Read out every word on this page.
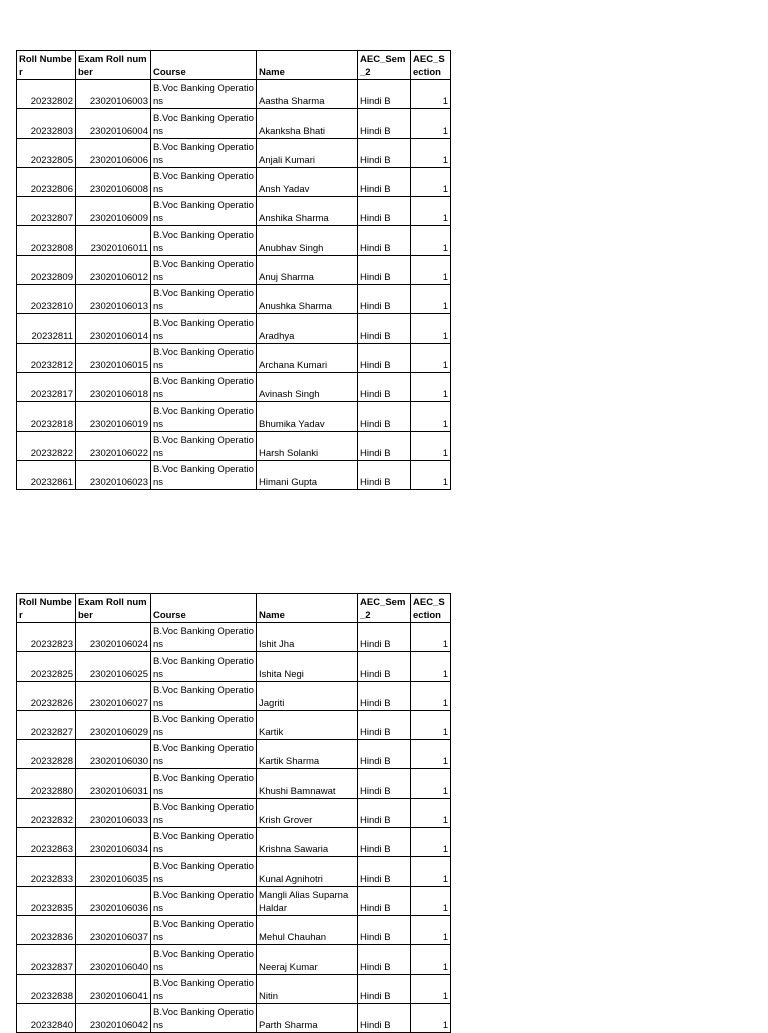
Roll Number	Exam Roll number	Course	Name	AEC_Sem_2	AEC_Section
20232802	23020106003	B.Voc Banking Operations	Aastha Sharma	Hindi B	1
20232803	23020106004	B.Voc Banking Operations	Akanksha Bhati	Hindi B	1
20232805	23020106006	B.Voc Banking Operations	Anjali Kumari	Hindi B	1
20232806	23020106008	B.Voc Banking Operations	Ansh Yadav	Hindi B	1
20232807	23020106009	B.Voc Banking Operations	Anshika Sharma	Hindi B	1
20232808	23020106011	B.Voc Banking Operations	Anubhav Singh	Hindi B	1
20232809	23020106012	B.Voc Banking Operations	Anuj Sharma	Hindi B	1
20232810	23020106013	B.Voc Banking Operations	Anushka Sharma	Hindi B	1
20232811	23020106014	B.Voc Banking Operations	Aradhya	Hindi B	1
20232812	23020106015	B.Voc Banking Operations	Archana Kumari	Hindi B	1
20232817	23020106018	B.Voc Banking Operations	Avinash Singh	Hindi B	1
20232818	23020106019	B.Voc Banking Operations	Bhumika Yadav	Hindi B	1
20232822	23020106022	B.Voc Banking Operations	Harsh Solanki	Hindi B	1
20232861	23020106023	B.Voc Banking Operations	Himani Gupta	Hindi B	1
Roll Number	Exam Roll number	Course	Name	AEC_Sem_2	AEC_Section
20232823	23020106024	B.Voc Banking Operations	Ishit Jha	Hindi B	1
20232825	23020106025	B.Voc Banking Operations	Ishita Negi	Hindi B	1
20232826	23020106027	B.Voc Banking Operations	Jagriti	Hindi B	1
20232827	23020106029	B.Voc Banking Operations	Kartik	Hindi B	1
20232828	23020106030	B.Voc Banking Operations	Kartik Sharma	Hindi B	1
20232880	23020106031	B.Voc Banking Operations	Khushi Bamnawat	Hindi B	1
20232832	23020106033	B.Voc Banking Operations	Krish Grover	Hindi B	1
20232863	23020106034	B.Voc Banking Operations	Krishna Sawaria	Hindi B	1
20232833	23020106035	B.Voc Banking Operations	Kunal Agnihotri	Hindi B	1
20232835	23020106036	B.Voc Banking Operations	Mangli Alias Suparna Haldar	Hindi B	1
20232836	23020106037	B.Voc Banking Operations	Mehul Chauhan	Hindi B	1
20232837	23020106040	B.Voc Banking Operations	Neeraj Kumar	Hindi B	1
20232838	23020106041	B.Voc Banking Operations	Nitin	Hindi B	1
20232840	23020106042	B.Voc Banking Operations	Parth Sharma	Hindi B	1
